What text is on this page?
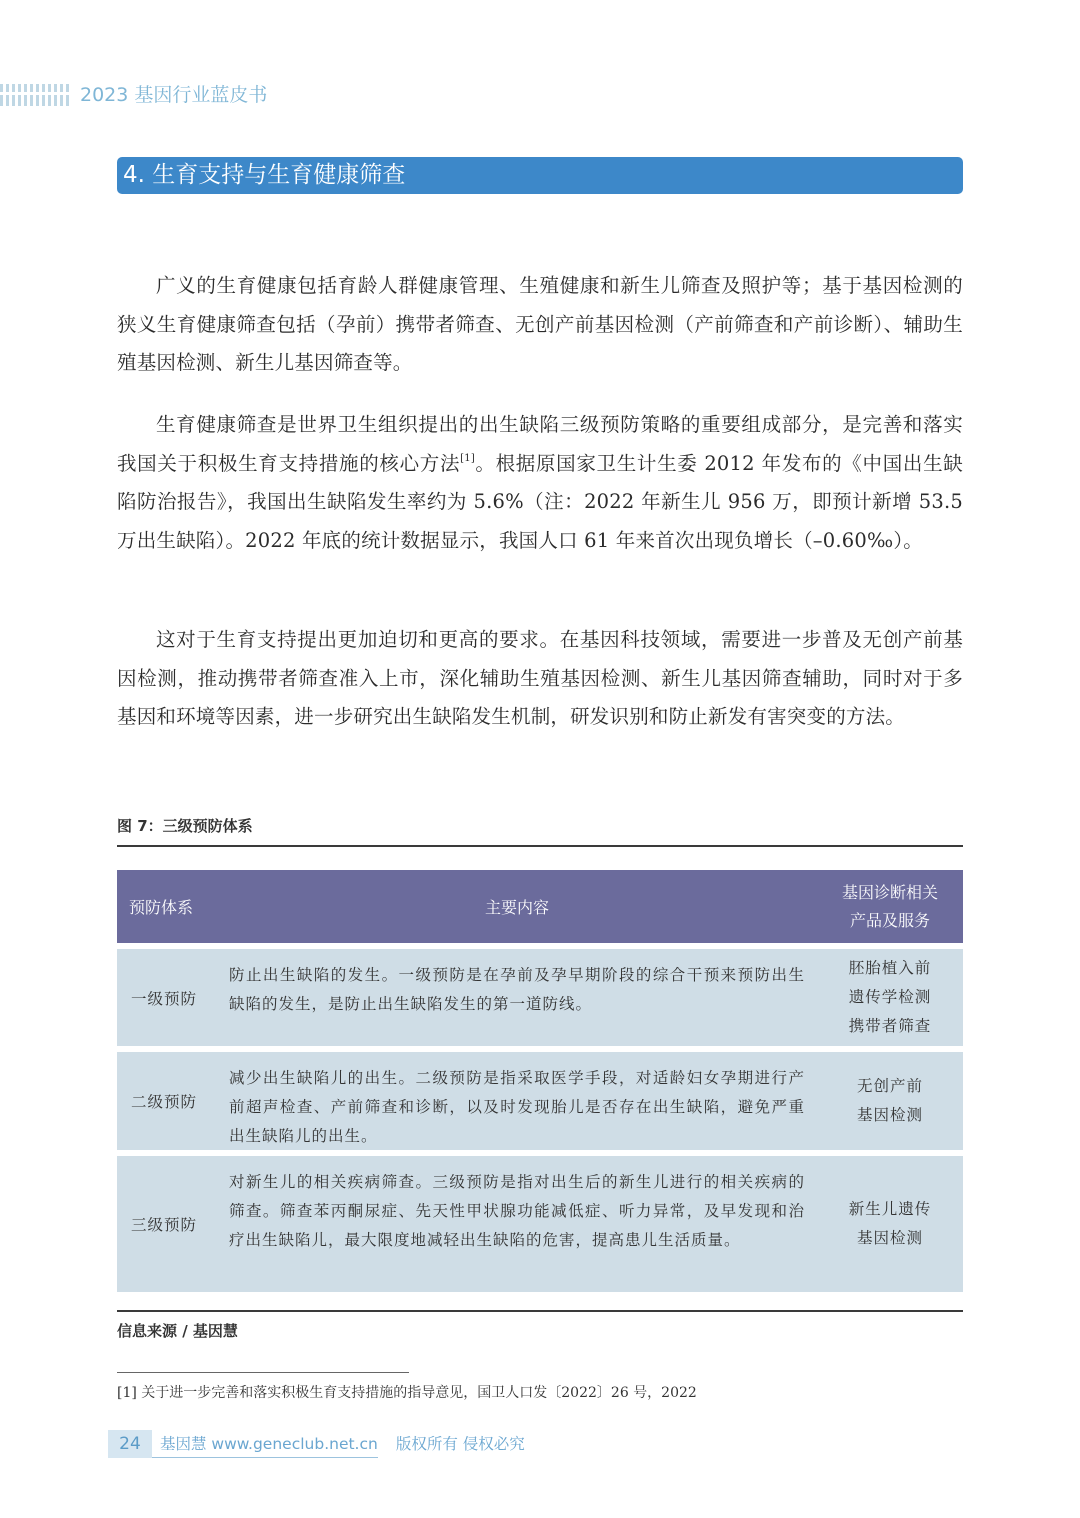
2023 基因行业蓝皮书
4. 生育支持与生育健康筛查

广义的生育健康包括育龄人群健康管理、生殖健康和新生儿筛查及照护等；基于基因检测的狭义生育健康筛查包括（孕前）携带者筛查、无创产前基因检测（产前筛查和产前诊断）、辅助生殖基因检测、新生儿基因筛查等。

生育健康筛查是世界卫生组织提出的出生缺陷三级预防策略的重要组成部分，是完善和落实我国关于积极生育支持措施的核心方法[1]。根据原国家卫生计生委 2012 年发布的《中国出生缺陷防治报告》，我国出生缺陷发生率约为 5.6%（注：2022 年新生儿 956 万，即预计新增 53.5 万出生缺陷）。2022 年底的统计数据显示，我国人口 61 年来首次出现负增长（–0.60‰）。

这对于生育支持提出更加迫切和更高的要求。在基因科技领域，需要进一步普及无创产前基因检测，推动携带者筛查准入上市，深化辅助生殖基因检测、新生儿基因筛查辅助，同时对于多基因和环境等因素，进一步研究出生缺陷发生机制，研发识别和防止新发有害突变的方法。

图 7：三级预防体系
预防体系	主要内容
基因诊断相关
产品及服务
一级预防
防止出生缺陷的发生。一级预防是在孕前及孕早期阶段的综合干预来预防出生缺陷的发生，是防止出生缺陷发生的第一道防线。
胚胎植入前
遗传学检测
携带者筛查
二级预防
减少出生缺陷儿的出生。二级预防是指采取医学手段，对适龄妇女孕期进行产前超声检查、产前筛查和诊断，以及时发现胎儿是否存在出生缺陷，避免严重出生缺陷儿的出生。
无创产前
基因检测
三级预防
对新生儿的相关疾病筛查。三级预防是指对出生后的新生儿进行的相关疾病的筛查。筛查苯丙酮尿症、先天性甲状腺功能减低症、听力异常，及早发现和治疗出生缺陷儿，最大限度地减轻出生缺陷的危害，提高患儿生活质量。
新生儿遗传
基因检测
信息来源 / 基因慧
[1] 关于进一步完善和落实积极生育支持措施的指导意见，国卫人口发〔2022〕26 号，2022
24	基因慧 www.geneclub.net.cn 版权所有 侵权必究
